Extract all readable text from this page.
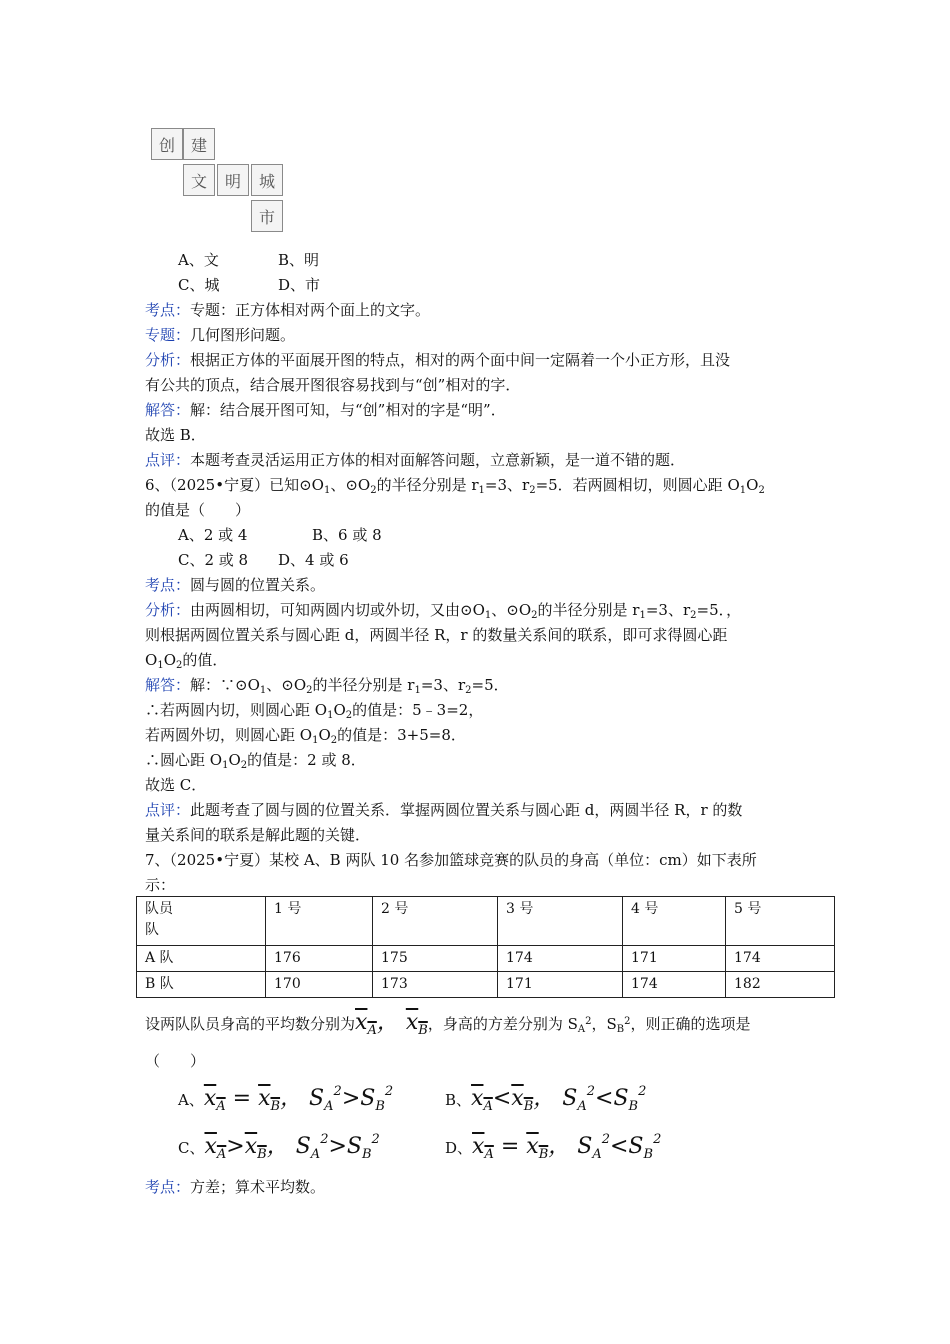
创 建
文	明	城
市
A、文	B、明
C、城	D、市
考点：专题：正方体相对两个面上的文字。
专题：几何图形问题。
分析：根据正方体的平面展开图的特点，相对的两个面中间一定隔着一个小正方形，且没
有公共的顶点，结合展开图很容易找到与“创”相对的字．
解答：解：结合展开图可知，与“创”相对的字是“明”．
故选 B．
点评：本题考查灵活运用正方体的相对面解答问题，立意新颖，是一道不错的题．
6、（2025•宁夏）已知$⊙O_1$、$⊙O_2$的半径分别是 $r_1=3$、$r_2=5$．若两圆相切，则圆心距 $O_1O_2$
的值是（　　）
A、2 或 4	B、6 或 8
C、2 或 8 D、4 或 6
考点：圆与圆的位置关系。
分析：由两圆相切，可知两圆内切或外切，又由$⊙O_1$、$⊙O_2$的半径分别是 $r_1=3$、$r_2=5$．，
则根据两圆位置关系与圆心距 d，两圆半径 R，r 的数量关系间的联系，即可求得圆心距
$O_1O_2$的值．
解答：解：$\because⊙O_1$、$⊙O_2$的半径分别是 $r_1=3$、$r_2=5$．
∴若两圆内切，则圆心距 $O_1O_2$的值是：5﹣3=2，
若两圆外切，则圆心距 $O_1O_2$的值是：3+5=8．
∴圆心距 $O_1O_2$的值是：2 或 8．
故选 C．
点评：此题考查了圆与圆的位置关系．掌握两圆位置关系与圆心距 d，两圆半径 R，r 的数
量关系间的联系是解此题的关键．
7、（2025•宁夏）某校 A、B 两队 10 名参加篮球竞赛的队员的身高（单位：cm）如下表所
示：
队员
队	1 号	2 号	3 号	4 号	5 号
A 队	176	175	174	171	174
B 队	170	173	171	174	182
设两队队员身高的平均数分别为$x_A$， $x_B$，身高的方差分别为 $S_A^2$，$S_B^2$，则正确的选项是
（　　）
A、$x_A = x_B$， $S_A^2>S_B^2$	B、$x_A<x_B$， $S_A^2<S_B^2$
C、$x_A>x_B$， $S_A^2>S_B^2$	D、$x_A = x_B$， $S_A^2<S_B^2$
考点：方差；算术平均数。
